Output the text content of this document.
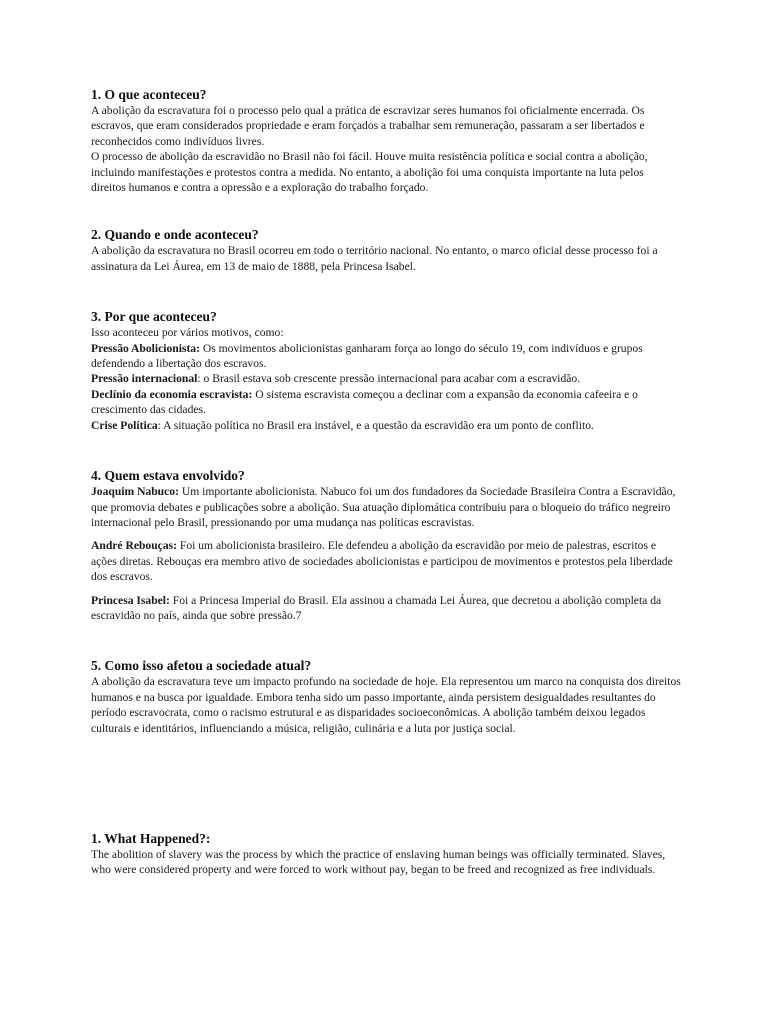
1. O que aconteceu?

A abolição da escravatura foi o processo pelo qual a prática de escravizar seres humanos foi oficialmente encerrada. Os escravos, que eram considerados propriedade e eram forçados a trabalhar sem remuneração, passaram a ser libertados e reconhecidos como indivíduos livres.

O processo de abolição da escravidão no Brasil não foi fácil. Houve muita resistência política e social contra a abolição, incluindo manifestações e protestos contra a medida. No entanto, a abolição foi uma conquista importante na luta pelos direitos humanos e contra a opressão e a exploração do trabalho forçado.

2. Quando e onde aconteceu?

A abolição da escravatura no Brasil ocorreu em todo o território nacional. No entanto, o marco oficial desse processo foi a assinatura da Lei Áurea, em 13 de maio de 1888, pela Princesa Isabel.

3. Por que aconteceu?

Isso aconteceu por vários motivos, como:

Pressão Abolicionista: Os movimentos abolicionistas ganharam força ao longo do século 19, com indivíduos e grupos defendendo a libertação dos escravos.

Pressão internacional: o Brasil estava sob crescente pressão internacional para acabar com a escravidão.

Declínio da economia escravista: O sistema escravista começou a declinar com a expansão da economia cafeeira e o crescimento das cidades.

Crise Política: A situação política no Brasil era instável, e a questão da escravidão era um ponto de conflito.

4. Quem estava envolvido?

Joaquim Nabuco: Um importante abolicionista. Nabuco foi um dos fundadores da Sociedade Brasileira Contra a Escravidão, que promovia debates e publicações sobre a abolição. Sua atuação diplomática contribuiu para o bloqueio do tráfico negreiro internacional pelo Brasil, pressionando por uma mudança nas políticas escravistas.

André Rebouças: Foi um abolicionista brasileiro. Ele defendeu a abolição da escravidão por meio de palestras, escritos e ações diretas. Rebouças era membro ativo de sociedades abolicionistas e participou de movimentos e protestos pela liberdade dos escravos.

Princesa Isabel: Foi a Princesa Imperial do Brasil. Ela assinou a chamada Lei Áurea, que decretou a abolição completa da escravidão no país, ainda que sobre pressão.7

5. Como isso afetou a sociedade atual?

A abolição da escravatura teve um impacto profundo na sociedade de hoje. Ela representou um marco na conquista dos direitos humanos e na busca por igualdade. Embora tenha sido um passo importante, ainda persistem desigualdades resultantes do período escravocrata, como o racismo estrutural e as disparidades socioeconômicas. A abolição também deixou legados culturais e identitários, influenciando a música, religião, culinária e a luta por justiça social.

1. What Happened?:

The abolition of slavery was the process by which the practice of enslaving human beings was officially terminated. Slaves, who were considered property and were forced to work without pay, began to be freed and recognized as free individuals.
